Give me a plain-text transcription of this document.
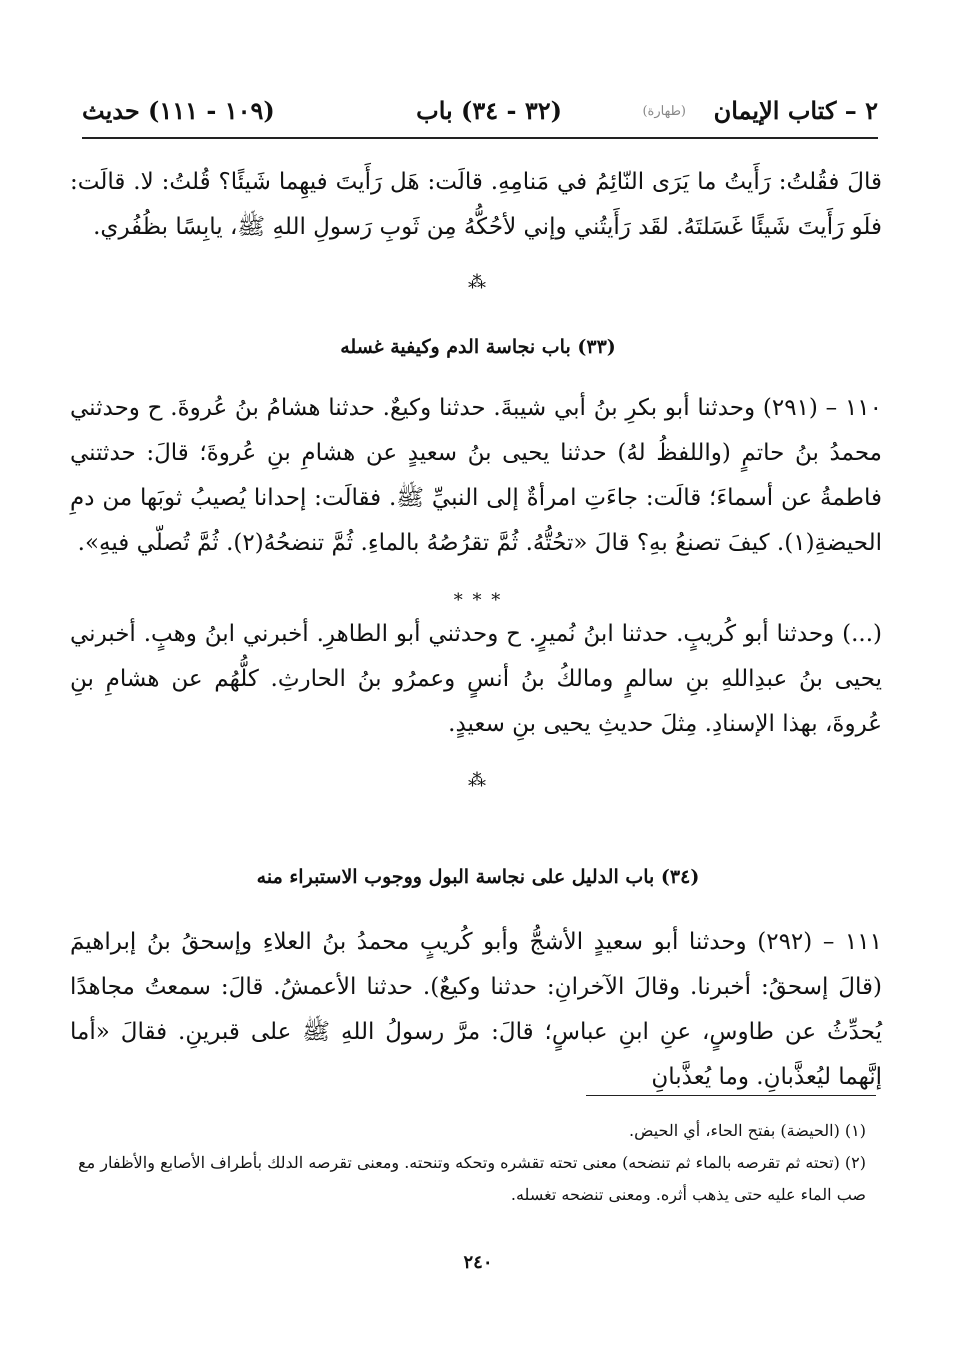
٢ – كتاب الإيمان
(طهارة)
(٣٢ - ٣٤) باب
(١٠٩ - ١١١) حديث

قالَ فقُلتُ: رَأَيتُ ما يَرَى النّائِمُ في مَنامِهِ. قالَت: هَل رَأَيتَ فيهِما شَيئًا؟ قُلتُ: لا. قالَت: فلَو رَأَيتَ شَيئًا غَسَلتَهُ. لقَد رَأَيتُني وإني لأحُكُّهُ مِن ثَوبِ رَسولِ اللهِ ﷺ، يابِسًا بظُفُري.

⁂
(٣٣) باب نجاسة الدم وكيفية غسله

١١٠ – (٢٩١) وحدثنا أبو بكرِ بنُ أبي شيبةَ. حدثنا وكيعٌ. حدثنا هشامُ بنُ عُروةَ. ح وحدثني محمدُ بنُ حاتمٍ (واللفظُ لهُ) حدثنا يحيى بنُ سعيدٍ عن هشامِ بنِ عُروةَ؛ قالَ: حدثتني فاطمةُ عن أسماءَ؛ قالَت: جاءَتِ امرأةٌ إلى النبيِّ ﷺ. فقالَت: إحدانا يُصيبُ ثوبَها من دمِ الحيضةِ(١). كيفَ تصنعُ بهِ؟ قالَ «تحُتُّهُ. ثُمَّ تقرُصُهُ بالماءِ. ثُمَّ تنضحُهُ(٢). ثُمَّ تُصلّي فيهِ».

* * *

(...) وحدثنا أبو كُريبٍ. حدثنا ابنُ نُميرٍ. ح وحدثني أبو الطاهرِ. أخبرني ابنُ وهبٍ. أخبرني يحيى بنُ عبدِاللهِ بنِ سالمٍ ومالكُ بنُ أنسٍ وعمرُو بنُ الحارثِ. كلُّهُم عن هشامِ بنِ عُروةَ، بهذا الإسنادِ. مِثلَ حديثِ يحيى بنِ سعيدٍ.

⁂
(٣٤) باب الدليل على نجاسة البول ووجوب الاستبراء منه

١١١ – (٢٩٢) وحدثنا أبو سعيدٍ الأشجُّ وأبو كُريبٍ محمدُ بنُ العلاءِ وإسحقُ بنُ إبراهيمَ (قالَ إسحقُ: أخبرنا. وقالَ الآخرانِ: حدثنا وكيعٌ). حدثنا الأعمشُ. قالَ: سمعتُ مجاهدًا يُحدِّثُ عن طاوسٍ، عنِ ابنِ عباسٍ؛ قالَ: مرَّ رسولُ اللهِ ﷺ على قبرينِ. فقالَ «أما إنَّهما ليُعذَّبانِ. وما يُعذَّبانِ

(١) (الحيضة) بفتح الحاء، أي الحيض.

(٢) (تحته ثم تقرصه بالماء ثم تنضحه) معنى تحته تقشره وتحكه وتنحته. ومعنى تقرصه الدلك بأطراف الأصابع والأظفار مع صب الماء عليه حتى يذهب أثره. ومعنى تنضحه تغسله.

٢٤٠
